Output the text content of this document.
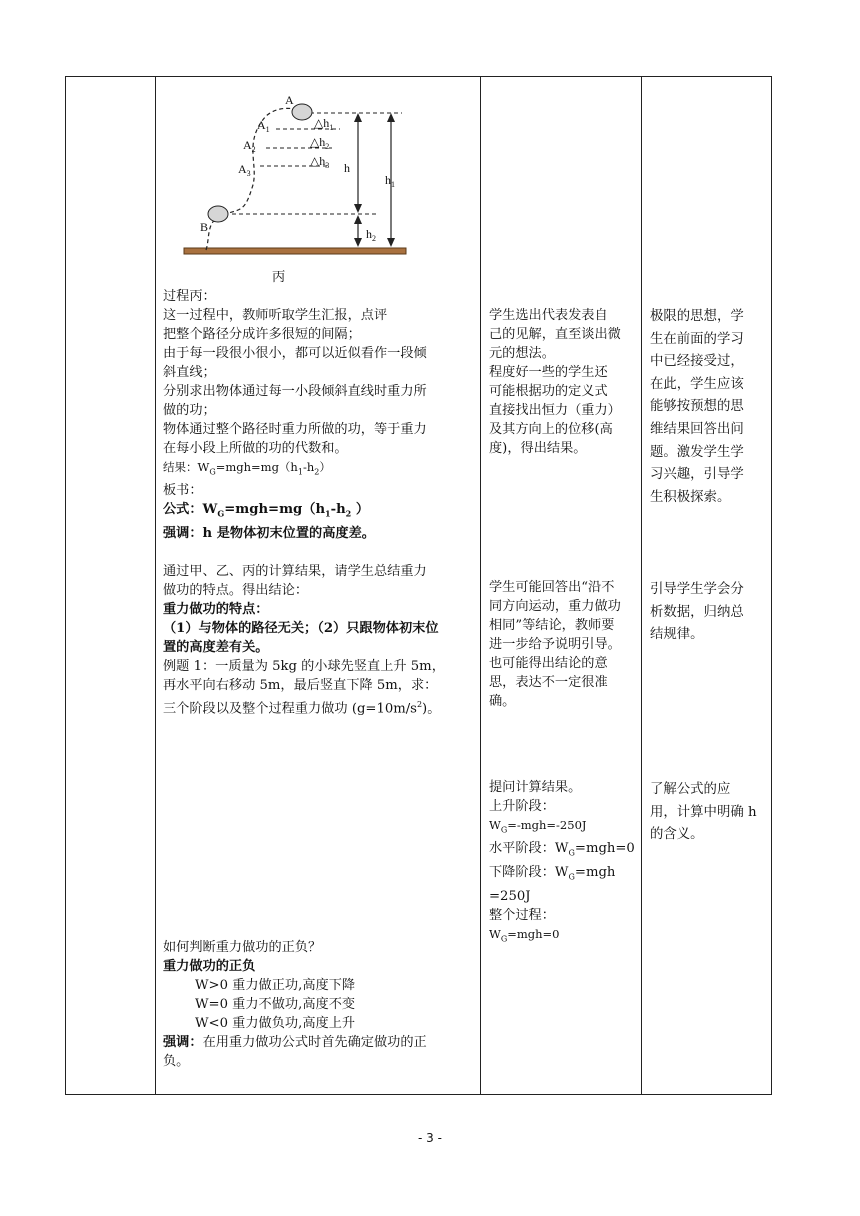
A
$A_1$
$A_2$
$A_3$
B
$\triangle h_1$
$\triangle h_2$
$\triangle h_3$ h
$h_1$
$h_2$
丙

过程丙：

这一过程中，教师听取学生汇报，点评

把整个路径分成许多很短的间隔；

由于每一段很小很小，都可以近似看作一段倾

斜直线；

分别求出物体通过每一小段倾斜直线时重力所

做的功；

物体通过整个路径时重力所做的功，等于重力

在每小段上所做的功的代数和。

结果：$W_G=mgh=mg(h_1-h_2)$

板书：

公式：$W_G=mgh=mg(h_1-h_2$ ）

强调：h 是物体初末位置的高度差。

通过甲、乙、丙的计算结果，请学生总结重力

做功的特点。得出结论：

重力做功的特点：

（1）与物体的路径无关；（2）只跟物体初末位

置的高度差有关。

例题 1：一质量为 5kg 的小球先竖直上升 5m，

再水平向右移动 5m，最后竖直下降 5m，求：

三个阶段以及整个过程重力做功 $(g=10m/s^2)$。

如何判断重力做功的正负？

重力做功的正负

W>0 重力做正功,高度下降

W=0 重力不做功,高度不变

W<0 重力做负功,高度上升

强调：在用重力做功公式时首先确定做功的正

负。

学生选出代表发表自

己的见解，直至谈出微

元的想法。

程度好一些的学生还

可能根据功的定义式

直接找出恒力（重力）

及其方向上的位移(高

度)，得出结果。

学生可能回答出“沿不

同方向运动，重力做功

相同”等结论，教师要

进一步给予说明引导。

也可能得出结论的意

思，表达不一定很准

确。

提问计算结果。

上升阶段：

$W_G=-mgh=-250J$

水平阶段：$W_G=mgh=0$

下降阶段：$W_G=mgh$

=250J

整个过程：

$W_G=mgh=0$

极限的思想，学

生在前面的学习

中已经接受过，

在此，学生应该

能够按预想的思

维结果回答出问

题。激发学生学

习兴趣，引导学

生积极探索。

引导学生学会分

析数据，归纳总

结规律。

了解公式的应

用，计算中明确 h

的含义。

- 3 -
